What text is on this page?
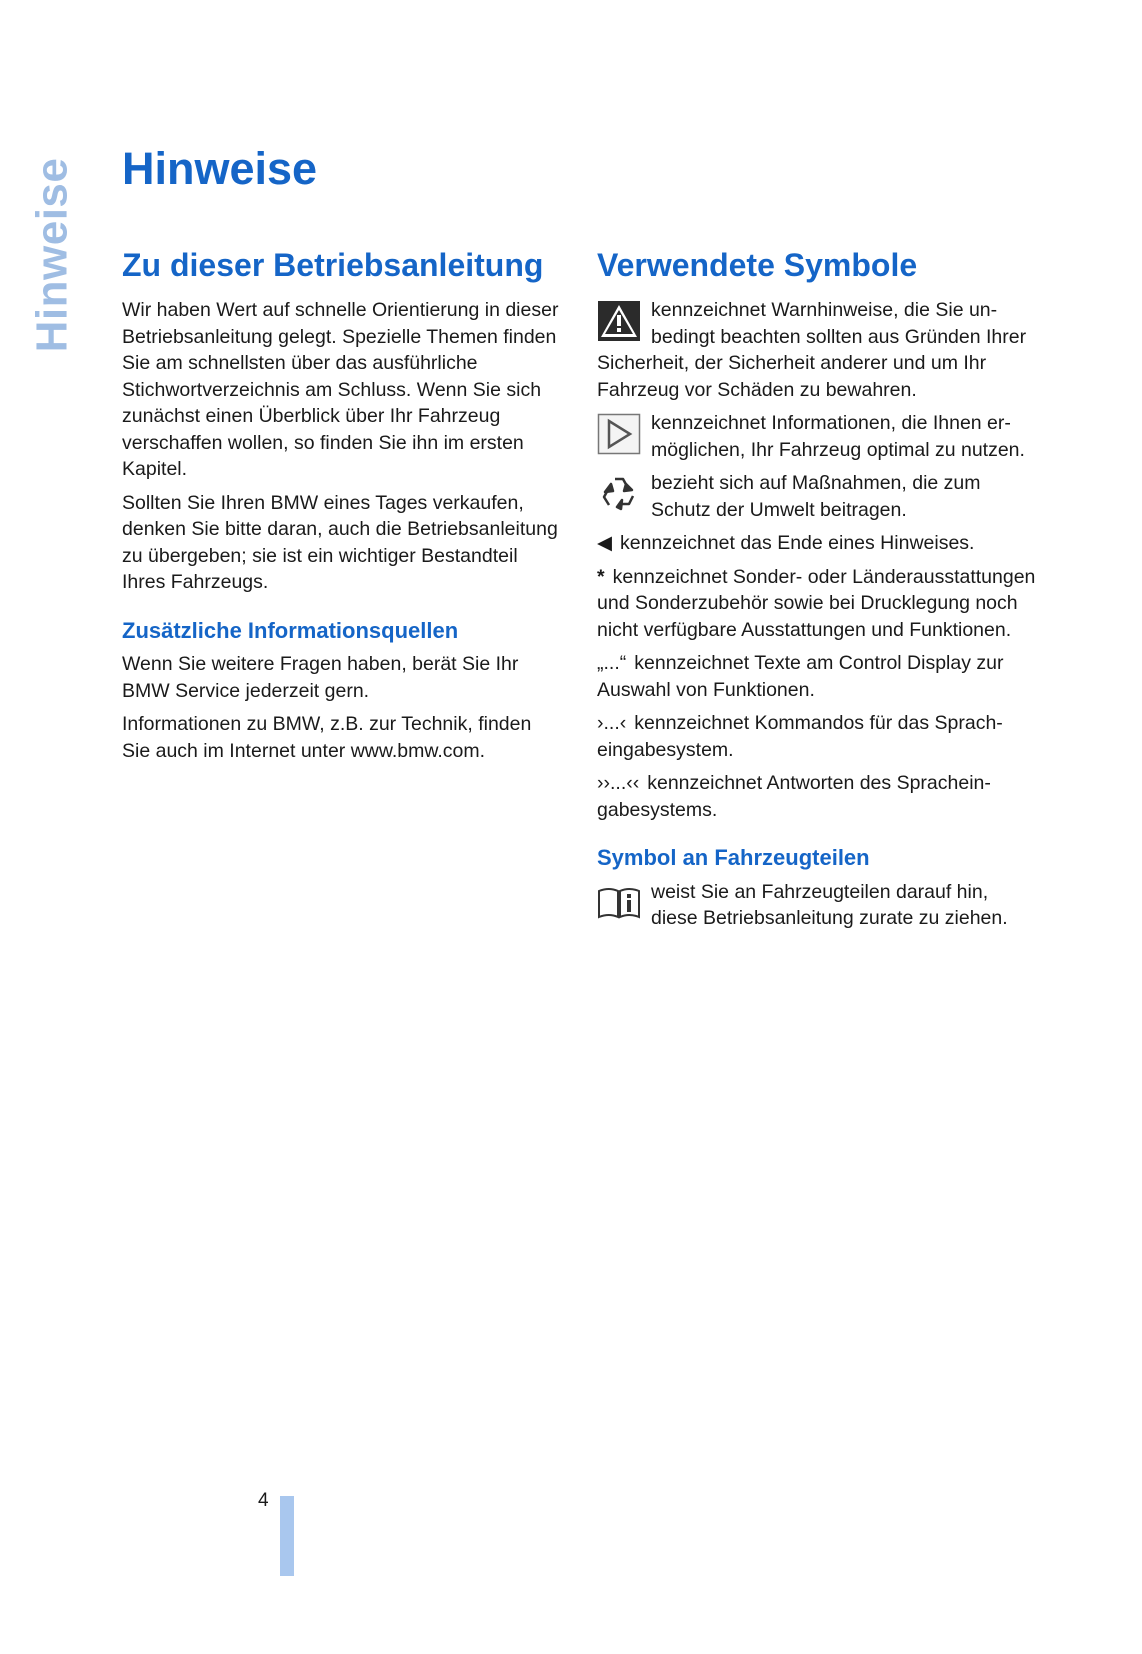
Hinweise Hinweise
Zu dieser Betriebsanleitung

Wir haben Wert auf schnelle Orientierung in dieser Betriebsanleitung gelegt. Spezielle Themen finden Sie am schnellsten über das ausführliche Stichwortverzeichnis am Schluss. Wenn Sie sich zunächst einen Überblick über Ihr Fahrzeug verschaffen wollen, so finden Sie ihn im ersten Kapitel.

Sollten Sie Ihren BMW eines Tages verkaufen, denken Sie bitte daran, auch die Betriebsanleitung zu übergeben; sie ist ein wichtiger Bestandteil Ihres Fahrzeugs.

Zusätzliche Informationsquellen

Wenn Sie weitere Fragen haben, berät Sie Ihr BMW Service jederzeit gern.

Informationen zu BMW, z.B. zur Technik, finden Sie auch im Internet unter www.bmw.com.

Verwendete Symbole

kennzeichnet Warnhinweise, die Sie unbedingt beachten sollten aus Gründen Ihrer Sicherheit, der Sicherheit anderer und um Ihr Fahrzeug vor Schäden zu bewahren.

kennzeichnet Informationen, die Ihnen ermöglichen, Ihr Fahrzeug optimal zu nutzen.

bezieht sich auf Maßnahmen, die zum Schutz der Umwelt beitragen.

◀ kennzeichnet das Ende eines Hinweises.

* kennzeichnet Sonder- oder Länderausstattungen und Sonderzubehör sowie bei Drucklegung noch nicht verfügbare Ausstattungen und Funktionen.

„...“ kennzeichnet Texte am Control Display zur Auswahl von Funktionen.

›...‹ kennzeichnet Kommandos für das Spracheingabesystem.

››...‹‹ kennzeichnet Antworten des Spracheingabesystems.

Symbol an Fahrzeugteilen

weist Sie an Fahrzeugteilen darauf hin, diese Betriebsanleitung zurate zu ziehen.

4
